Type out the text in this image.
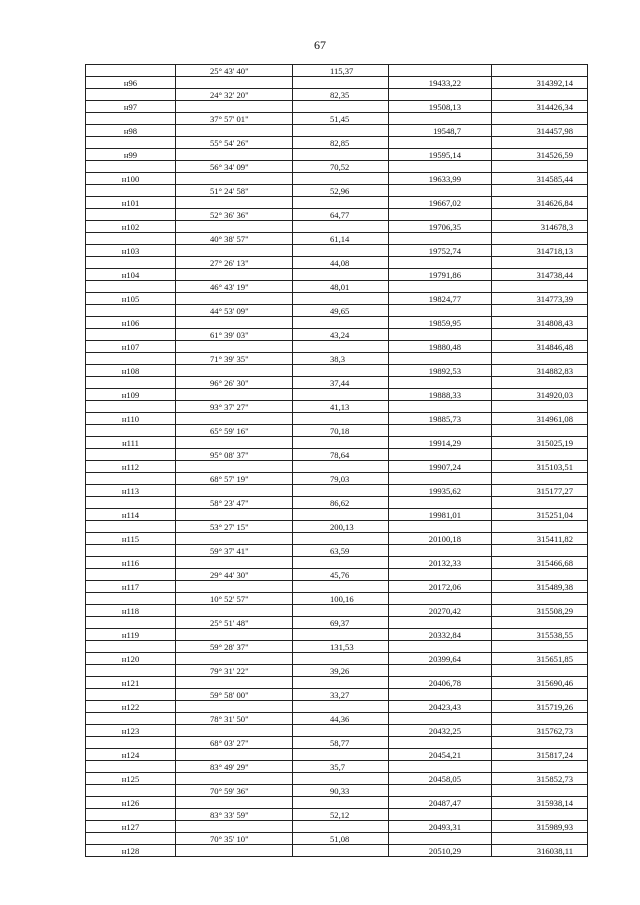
67
	25° 43' 40"	115,37		
н96			19433,22	314392,14
	24° 32' 20"	82,35		
н97			19508,13	314426,34
	37° 57' 01"	51,45		
н98			19548,7	314457,98
	55° 54' 26"	82,85		
н99			19595,14	314526,59
	56° 34' 09"	70,52		
н100			19633,99	314585,44
	51° 24' 58"	52,96		
н101			19667,02	314626,84
	52° 36' 36"	64,77		
н102			19706,35	314678,3
	40° 38' 57"	61,14		
н103			19752,74	314718,13
	27° 26' 13"	44,08		
н104			19791,86	314738,44
	46° 43' 19"	48,01		
н105			19824,77	314773,39
	44° 53' 09"	49,65		
н106			19859,95	314808,43
	61° 39' 03"	43,24		
н107			19880,48	314846,48
	71° 39' 35"	38,3		
н108			19892,53	314882,83
	96° 26' 30"	37,44		
н109			19888,33	314920,03
	93° 37' 27"	41,13		
н110			19885,73	314961,08
	65° 59' 16"	70,18		
н111			19914,29	315025,19
	95° 08' 37"	78,64		
н112			19907,24	315103,51
	68° 57' 19"	79,03		
н113			19935,62	315177,27
	58° 23' 47"	86,62		
н114			19981,01	315251,04
	53° 27' 15"	200,13		
н115			20100,18	315411,82
	59° 37' 41"	63,59		
н116			20132,33	315466,68
	29° 44' 30"	45,76		
н117			20172,06	315489,38
	10° 52' 57"	100,16		
н118			20270,42	315508,29
	25° 51' 48"	69,37		
н119			20332,84	315538,55
	59° 28' 37"	131,53		
н120			20399,64	315651,85
	79° 31' 22"	39,26		
н121			20406,78	315690,46
	59° 58' 00"	33,27		
н122			20423,43	315719,26
	78° 31' 50"	44,36		
н123			20432,25	315762,73
	68° 03' 27"	58,77		
н124			20454,21	315817,24
	83° 49' 29"	35,7		
н125			20458,05	315852,73
	70° 59' 36"	90,33		
н126			20487,47	315938,14
	83° 33' 59"	52,12		
н127			20493,31	315989,93
	70° 35' 10"	51,08		
н128			20510,29	316038,11
